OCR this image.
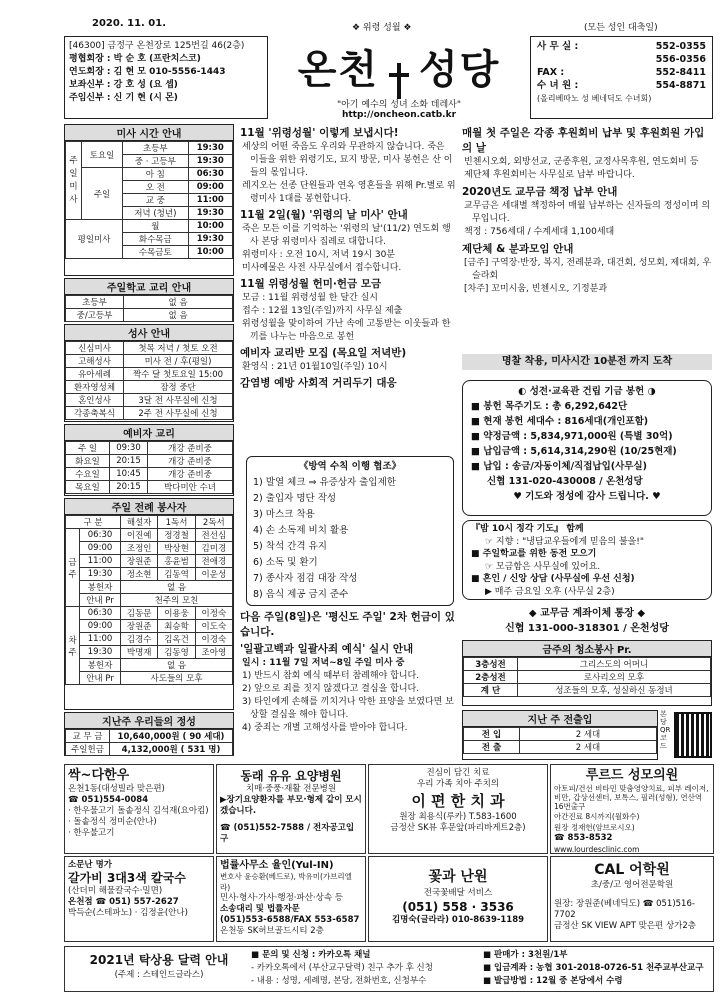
2020. 11. 01.	❖ 위령 성월 ❖	(모든 성인 대축일)
[46300] 금정구 온천장로 125번길 46(2층)
평협회장 : 박 순 호 (프란치스코)
연도회장 : 김 현 모 010-5556-1443
보좌신부 : 강 호 성 (요 셉)
주임신부 : 신 기 현 (시 몬)
온천 성당
"아기 예수의 성녀 소화 데레사"
http://oncheon.catb.kr
사 무 실 :	552-0355
556-0356
FAX :	552-8411
수 녀 원 :	554-8871
(올리베따노 성 베네딕도 수녀회)
미사 시간 안내
주일미사	토요일	초등부	19:30
		중 · 고등부	19:30
	주일	아 침	06:30
		오 전	09:00
		교 중	11:00
		저녁 (청년)	19:30
평일미사		월	10:00
		화수목금	19:30
		수목금토	10:00
주일학교 교리 안내
초등부	없 음
중/고등부	없 음
성사 안내
신심미사	첫목 저녁 / 첫토 오전
고해성사	미사 전 / 후(평일)
유아세례	짝수 달 첫토요일 15:00
환자영성체	잠정 중단
혼인성사	3달 전 사무실에 신청
각종축복식	2주 전 사무실에 신청
예비자 교리
주 일	09:30	개강 준비중
화요일	20:15	개강 준비중
수요일	10:45	개강 준비중
목요일	20:15	박다미안 수녀
주일 전례 봉사자
구 분		해설자	1독서	2독서
금주	06:30	이진예	정경철	전선심
	09:00	조정인	박상현	김미경
	11:00	장원준	홍윤범	전애경
	19:30	정소현	김동역	이운성
	봉헌자	없 음		
	안내 Pr	천주의 모친		
차주	06:30	김동문	이용웅	이정숙
	09:00	장원준	최승학	이도숙
	11:00	김경수	김옥건	이경숙
	19:30	박명재	김동영	조아영
	봉헌자	없 음		
	안내 Pr	사도들의 모후		
지난주 우리들의 정성
교 무 금	10,640,000원 ( 90 세대)
주일헌금	4,132,000원 ( 531 명)
11월 '위령성월' 이렇게 보냅시다!

세상의 어떤 죽음도 우리와 무관하지 않습니다. 죽은 이들을 위한 위령기도, 묘지 방문, 미사 봉헌은 산 이들의 몫입니다.

레지오는 선종 단원들과 연옥 영혼들을 위해 Pr.별로 위령미사 1대를 봉헌합니다.

11월 2일(월) '위령의 날 미사' 안내

죽은 모든 이를 기억하는 '위령의 날'(11/2) 연도회 행사 본당 위령미사 집례로 대합니다.

위령미사 : 오전 10시, 저녁 19시 30분

미사예물은 사전 사무실에서 접수합니다.

11월 위령성월 헌미·헌금 모금

모금 : 11월 위령성월 한 달간 실시

접수 : 12월 13일(주일)까지 사무실 제출

위령성월을 맞이하여 가난 속에 고통받는 이웃들과 한 끼를 나누는 마음으로 봉헌

예비자 교리반 모집 (목요일 저녁반)

환영식 : 21년 01월10일(주일) 10시

감염병 예방 사회적 거리두기 대응
《방역 수칙 이행 협조》
1) 발열 체크 ⇒ 유증상자 출입제한
2) 출입자 명단 작성
3) 마스크 착용
4) 손 소독제 비치 활용
5) 착석 간격 유지
6) 소독 및 환기
7) 종사자 점검 대장 작성
8) 음식 제공 금지 준수
다음 주일(8일)은 '평신도 주일' 2차 헌금이 있습니다.
'일괄고백과 일괄사죄 예식' 실시 안내

일시 : 11월 7일 저녁~8일 주일 미사 중

1) 반드시 참회 예식 때부터 참례해야 합니다.

2) 앞으로 죄를 짓지 않겠다고 결심을 합니다.

3) 타인에게 손해를 끼치거나 악한 표양을 보였다면 보상할 결심을 해야 합니다.

4) 중죄는 개별 고해성사를 받아야 합니다.

매월 첫 주일은 각종 후원회비 납부 및 후원회원 가입의 날

빈첸시오회, 외방선교, 군종후원, 교정사목후원, 연도회비 등

제단체 후원회비는 사무실로 납부 바랍니다.

2020년도 교무금 책정 납부 안내

교무금은 세대별 책정하여 매월 납부하는 신자들의 정성이며 의무입니다.

책정 : 756세대 / 수계세대 1,100세대

제단체 & 분과모임 안내

[금주] 구역장·반장, 복지, 전례분과, 대건회, 성모회, 제대회, 우슬라회

[차주] 꼬미시움, 빈첸시오, 기정분과

명찰 착용, 미사시간 10분전 까지 도착
◐ 성전·교육관 건립 기금 봉헌 ◑
■ 봉헌 목주기도 : 총 6,292,642단
■ 현재 봉헌 세대수 : 816세대(개인포함)
■ 약정금액 : 5,834,971,000원 (특별 30억)
■ 납입금액 : 5,614,314,290원 (10/25현재)
■ 납입 : 송금/자동이체/직접납입(사무실)
신협 131-020-430008 / 온천성당
♥ 기도와 정성에 감사 드립니다. ♥
『밤 10시 정각 기도』 함께
☞ 지향 : "냉담교우들에게 믿음의 불을!"
■ 주일학교를 위한 동전 모으기
☞ 모금함은 사무실에 있어요.
■ 혼인 / 신앙 상담 (사무실에 우선 신청)
▶ 매주 금요일 오후 (사무실 2층)
◆ 교무금 계좌이체 통장 ◆
신협 131-000-318301 / 온천성당
금주의 청소봉사 Pr.
3층성전	그리스도의 어머니
2층성전	로사리오의 모후
계 단	성조들의 모후, 성실하신 동정녀
지난 주 전출입
전 입	2 세대
전 출	2 세대
본당QR코드
싹~다한우
온천1동(대성빌라 맞은편)
☎ 051)554-0084
· 한우물고기 돌솥정식 김석재(요아킴)
· 돌솥정식 정미순(안나)
· 한우불고기
동래 유유 요양병원
치매·중풍·재활 전문병원
▶장기요양환자를 부모·형제 같이 모시겠습니다.
☎ (051)552-7588 / 전자공고입구
진심이 담긴 치료
우리 가족 치아 주치의
이 편 한 치 과
원장 최용식(루카) T.583-1600
금정산 SK뷰 후문앞(파리바게트2층)
루르드 성모의원
아토피/건선 비타민 맞춤영양치료, 피부 레이저, 비만, 갑상선센터, 보톡스, 필러(성형), 연산역 16번출구
아간진료 8시까지(월화수)
원장 정재헌(암브로시오)
☎ 853-8532
www.lourdesclinic.com
소문난 명가
갈가비 3대3색 칼국수
(산더미 해물칼국수·밀면)
온천점 ☎ 051) 557-2627
박득순(스테파노) · 김정윤(안나)
법률사무소 율인(Yul-IN)
변호사 윤승환(베드로), 박유미(가브리엘라)
민사·형사·가사·행정·파산·상속 등
소송대리 및 법률자문
(051)553-6588/FAX 553-6587
온천동 SK허브골드시티 2층
꽃과 난원
전국꽃배달 서비스
(051) 558 · 3536
김명숙(글라라) 010-8639-1189
CAL 어학원
초/중/고 영어전문학원
원장: 장원준(베네딕도) ☎ 051)516-7702
금정산 SK VIEW APT 맞은편 상가2층
2021년 탁상용 달력 안내
(주제 : 스테인드글라스)
■ 문의 및 신청 : 카카오톡 채널
- 카카오톡에서 (부산교구달력) 친구 추가 후 신청
- 내용 : 성명, 세례명, 본당, 전화번호, 신청부수
■ 판매가 : 3천원/1부
■ 입금계좌 : 농협 301-2018-0726-51 천주교부산교구
■ 발급방법 : 12월 중 본당에서 수령
